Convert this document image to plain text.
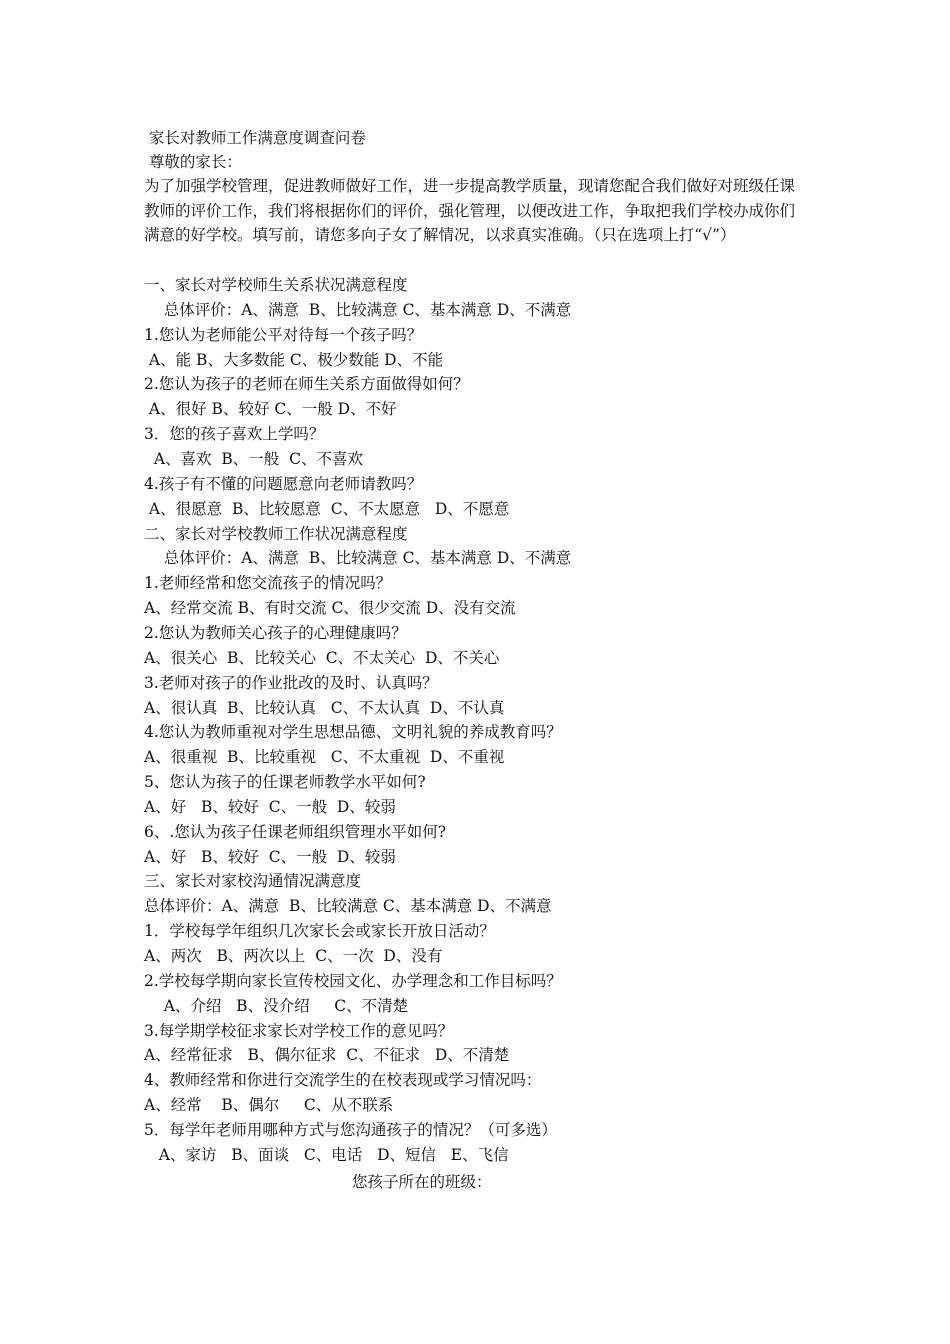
家长对教师工作满意度调查问卷
尊敬的家长：
为了加强学校管理，促进教师做好工作，进一步提高教学质量，现请您配合我们做好对班级任课教师的评价工作，我们将根据你们的评价，强化管理，以便改进工作，争取把我们学校办成你们满意的好学校。填写前，请您多向子女了解情况，以求真实准确。（只在选项上打“√”）
一、家长对学校师生关系状况满意程度
总体评价：A、满意  B、比较满意 C、基本满意 D、不满意
1.您认为老师能公平对待每一个孩子吗？
A、能 B、大多数能 C、极少数能 D、不能
2.您认为孩子的老师在师生关系方面做得如何？
A、很好 B、较好 C、一般 D、不好
3．您的孩子喜欢上学吗？
A、喜欢  B、一般  C、不喜欢
4.孩子有不懂的问题愿意向老师请教吗？
A、很愿意  B、比较愿意  C、不太愿意   D、不愿意
二、家长对学校教师工作状况满意程度
总体评价：A、满意  B、比较满意 C、基本满意 D、不满意
1.老师经常和您交流孩子的情况吗？
A、经常交流 B、有时交流 C、很少交流 D、没有交流
2.您认为教师关心孩子的心理健康吗？
A、很关心  B、比较关心  C、不太关心  D、不关心
3.老师对孩子的作业批改的及时、认真吗？
A、很认真  B、比较认真   C、不太认真  D、不认真
4.您认为教师重视对学生思想品德、文明礼貌的养成教育吗？
A、很重视  B、比较重视   C、不太重视  D、不重视
5、您认为孩子的任课老师教学水平如何?
A、好   B、较好  C、一般  D、较弱
6、.您认为孩子任课老师组织管理水平如何?
A、好   B、较好  C、一般  D、较弱
三、家长对家校沟通情况满意度
总体评价：A、满意  B、比较满意 C、基本满意 D、不满意
1．学校每学年组织几次家长会或家长开放日活动？
A、两次   B、两次以上  C、一次  D、没有
2.学校每学期向家长宣传校园文化、办学理念和工作目标吗？
A、介绍   B、没介绍     C、不清楚
3.每学期学校征求家长对学校工作的意见吗？
A、经常征求   B、偶尔征求  C、不征求   D、不清楚
4、教师经常和你进行交流学生的在校表现或学习情况吗：
A、经常    B、偶尔     C、从不联系
5．每学年老师用哪种方式与您沟通孩子的情况？（可多选）
A、家访   B、面谈   C、电话   D、短信   E、飞信
您孩子所在的班级：
